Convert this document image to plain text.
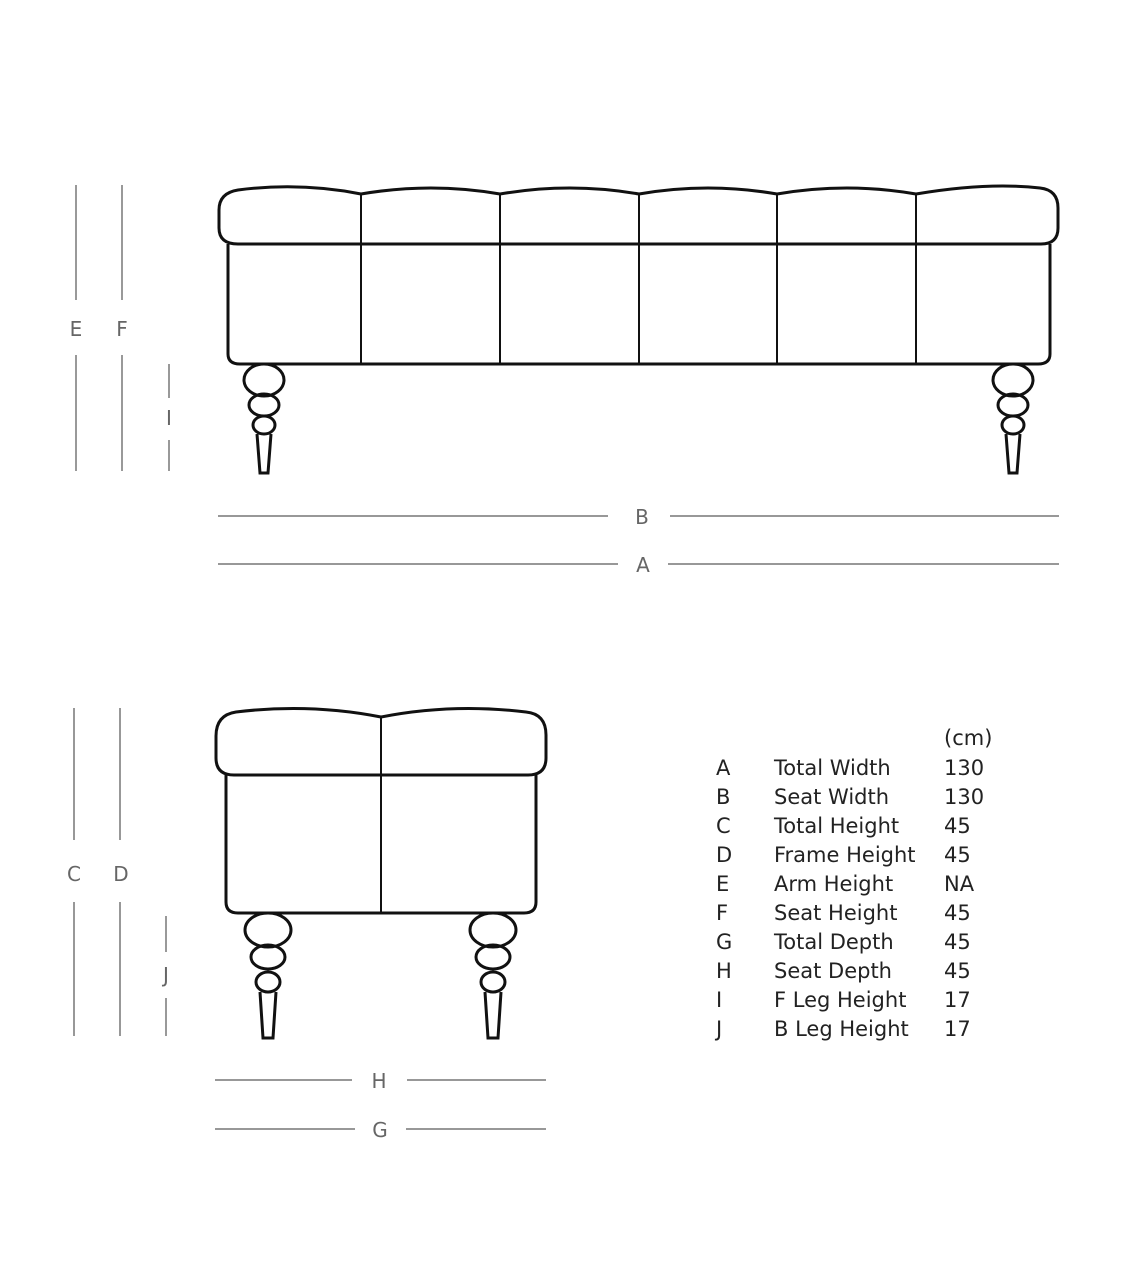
E F
I
B
A
C D
J
H
G
		(cm)
A	Total Width	130
B	Seat Width	130
C	Total Height	45
D	Frame Height	45
E	Arm Height	NA
F	Seat Height	45
G	Total Depth	45
H	Seat Depth	45
I	F Leg Height	17
J	B Leg Height	17
